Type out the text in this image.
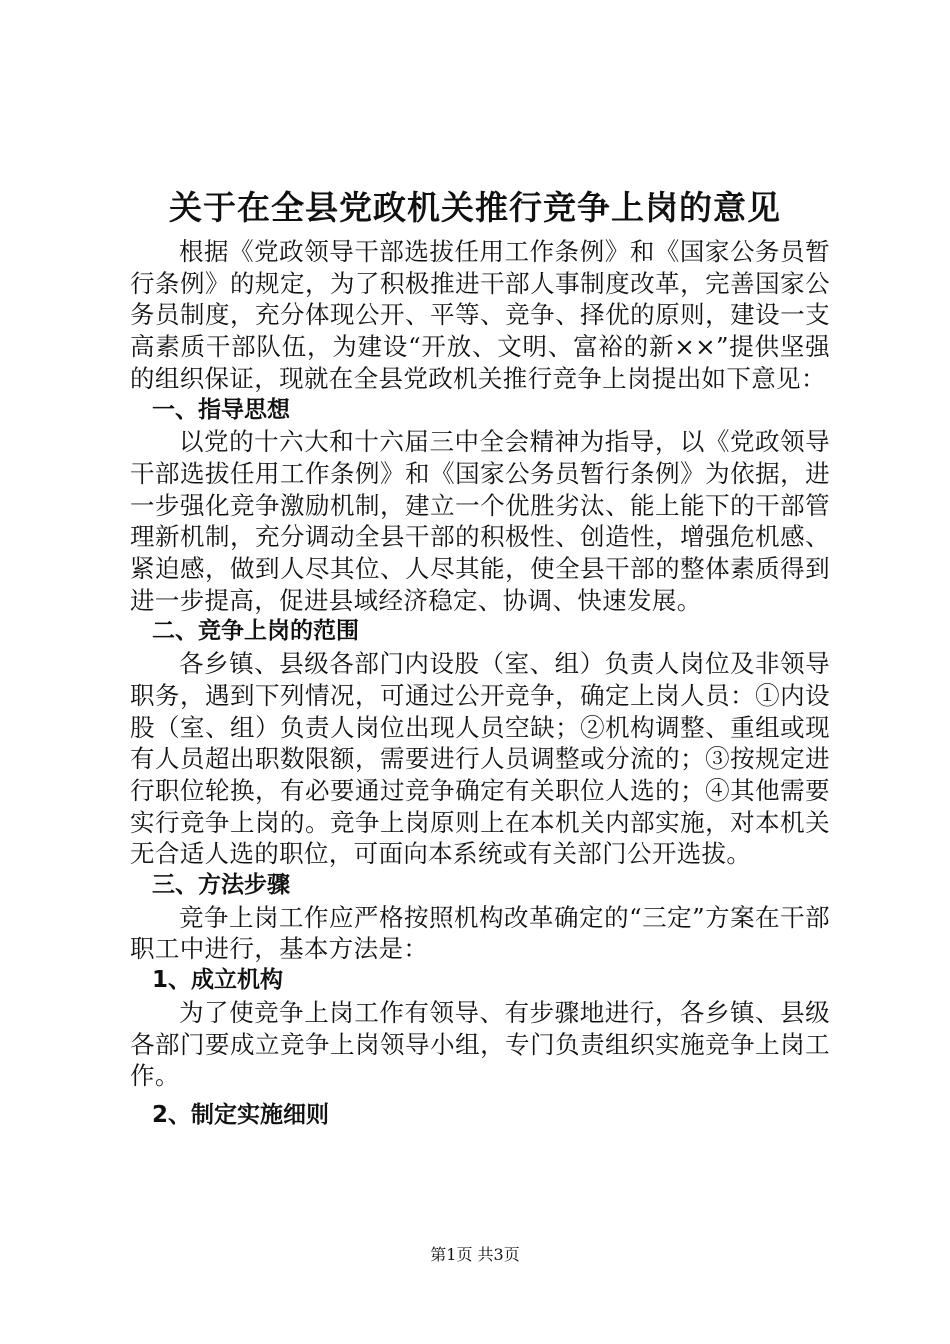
关于在全县党政机关推行竞争上岗的意见

根据《党政领导干部选拔任用工作条例》和《国家公务员暂行条例》的规定，为了积极推进干部人事制度改革，完善国家公务员制度，充分体现公开、平等、竞争、择优的原则，建设一支高素质干部队伍，为建设“开放、文明、富裕的新××”提供坚强的组织保证，现就在全县党政机关推行竞争上岗提出如下意见：

一、指导思想

以党的十六大和十六届三中全会精神为指导，以《党政领导干部选拔任用工作条例》和《国家公务员暂行条例》为依据，进一步强化竞争激励机制，建立一个优胜劣汰、能上能下的干部管理新机制，充分调动全县干部的积极性、创造性，增强危机感、紧迫感，做到人尽其位、人尽其能，使全县干部的整体素质得到进一步提高，促进县域经济稳定、协调、快速发展。

二、竞争上岗的范围

各乡镇、县级各部门内设股（室、组）负责人岗位及非领导职务，遇到下列情况，可通过公开竞争，确定上岗人员：①内设股（室、组）负责人岗位出现人员空缺；②机构调整、重组或现有人员超出职数限额，需要进行人员调整或分流的；③按规定进行职位轮换，有必要通过竞争确定有关职位人选的；④其他需要实行竞争上岗的。竞争上岗原则上在本机关内部实施，对本机关无合适人选的职位，可面向本系统或有关部门公开选拔。

三、方法步骤

竞争上岗工作应严格按照机构改革确定的“三定”方案在干部职工中进行，基本方法是：

1、成立机构

为了使竞争上岗工作有领导、有步骤地进行，各乡镇、县级各部门要成立竞争上岗领导小组，专门负责组织实施竞争上岗工作。

2、制定实施细则

第1页 共3页
